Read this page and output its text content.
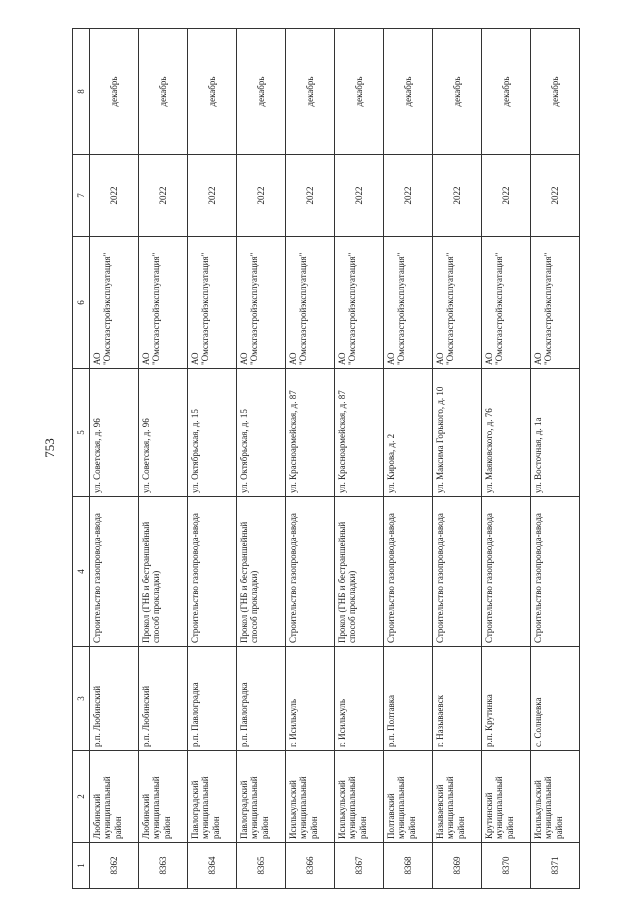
753
1	2	3	4	5	6	7	8
8362	Любинский муниципальный район	р.п. Любинский	Строительство газопровода-ввода	ул. Советская, д. 96	АО "Омскгазстройэксплуатация"	2022	декабрь
8363	Любинский муниципальный район	р.п. Любинский	Прокол (ГНБ и бестраншейный способ прокладки)	ул. Советская, д. 96	АО "Омскгазстройэксплуатация"	2022	декабрь
8364	Павлоградский муниципальный район	р.п. Павлоградка	Строительство газопровода-ввода	ул. Октябрьская, д. 15	АО "Омскгазстройэксплуатация"	2022	декабрь
8365	Павлоградский муниципальный район	р.п. Павлоградка	Прокол (ГНБ и бестраншейный способ прокладки)	ул. Октябрьская, д. 15	АО "Омскгазстройэксплуатация"	2022	декабрь
8366	Исилькульский муниципальный район	г. Исилькуль	Строительство газопровода-ввода	ул. Красноармейская, д. 87	АО "Омскгазстройэксплуатация"	2022	декабрь
8367	Исилькульский муниципальный район	г. Исилькуль	Прокол (ГНБ и бестраншейный способ прокладки)	ул. Красноармейская, д. 87	АО "Омскгазстройэксплуатация"	2022	декабрь
8368	Полтавский муниципальный район	р.п. Полтавка	Строительство газопровода-ввода	ул. Кирова, д. 2	АО "Омскгазстройэксплуатация"	2022	декабрь
8369	Называевский муниципальный район	г. Называевск	Строительство газопровода-ввода	ул. Максима Горького, д. 10	АО "Омскгазстройэксплуатация"	2022	декабрь
8370	Крутинский муниципальный район	р.п. Крутинка	Строительство газопровода-ввода	ул. Маяковского, д. 76	АО "Омскгазстройэксплуатация"	2022	декабрь
8371	Исилькульский муниципальный район	с. Солнцевка	Строительство газопровода-ввода	ул. Восточная, д. 1а	АО "Омскгазстройэксплуатация"	2022	декабрь
